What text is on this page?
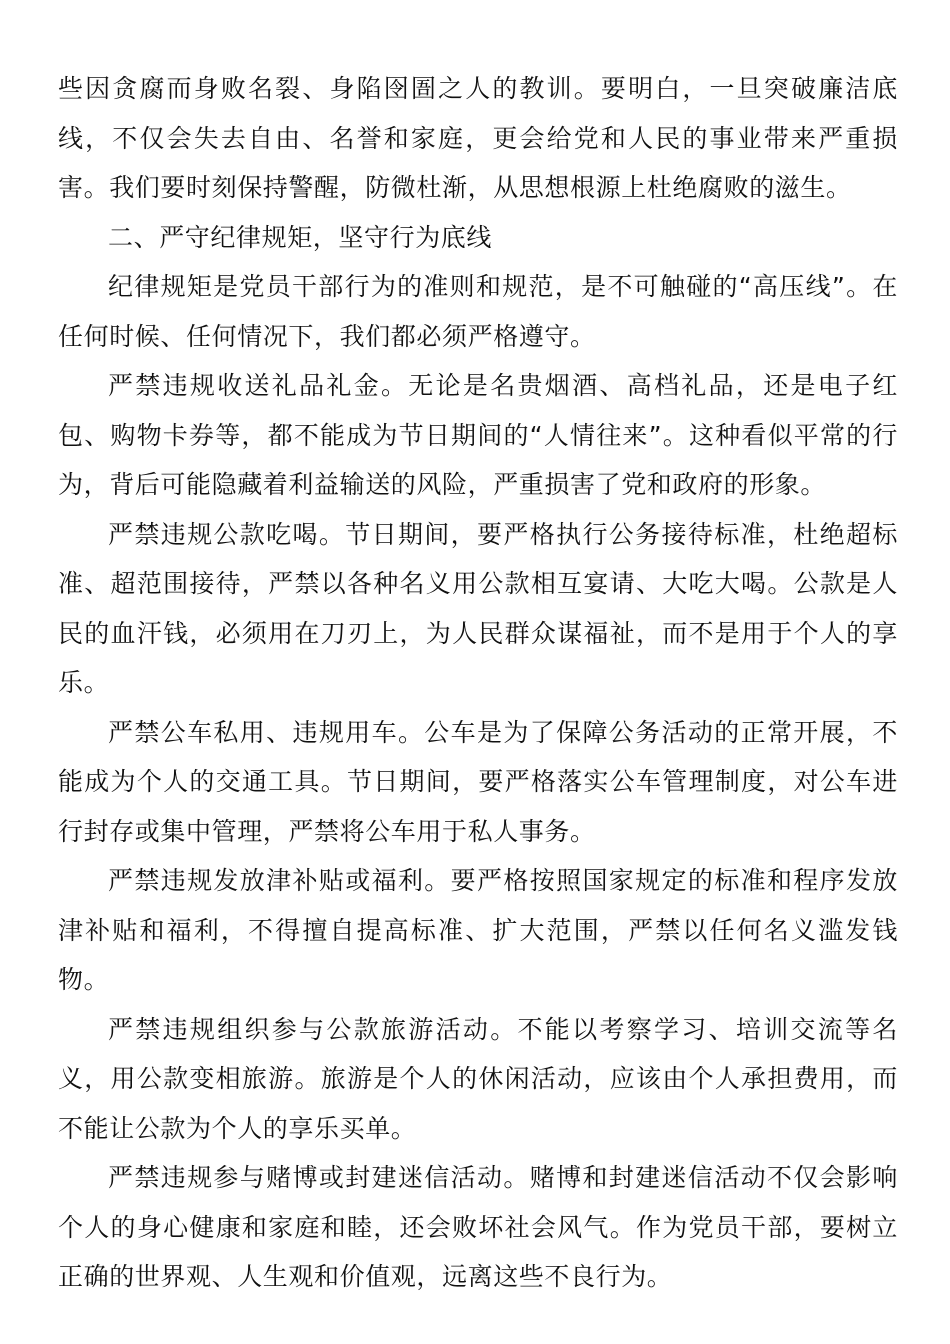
些因贪腐而身败名裂、身陷囹圄之人的教训。要明白，一旦突破廉洁底线，不仅会失去自由、名誉和家庭，更会给党和人民的事业带来严重损害。我们要时刻保持警醒，防微杜渐，从思想根源上杜绝腐败的滋生。

二、严守纪律规矩，坚守行为底线

纪律规矩是党员干部行为的准则和规范，是不可触碰的“高压线”。在任何时候、任何情况下，我们都必须严格遵守。

严禁违规收送礼品礼金。无论是名贵烟酒、高档礼品，还是电子红包、购物卡券等，都不能成为节日期间的“人情往来”。这种看似平常的行为，背后可能隐藏着利益输送的风险，严重损害了党和政府的形象。

严禁违规公款吃喝。节日期间，要严格执行公务接待标准，杜绝超标准、超范围接待，严禁以各种名义用公款相互宴请、大吃大喝。公款是人民的血汗钱，必须用在刀刃上，为人民群众谋福祉，而不是用于个人的享乐。

严禁公车私用、违规用车。公车是为了保障公务活动的正常开展，不能成为个人的交通工具。节日期间，要严格落实公车管理制度，对公车进行封存或集中管理，严禁将公车用于私人事务。

严禁违规发放津补贴或福利。要严格按照国家规定的标准和程序发放津补贴和福利，不得擅自提高标准、扩大范围，严禁以任何名义滥发钱物。

严禁违规组织参与公款旅游活动。不能以考察学习、培训交流等名义，用公款变相旅游。旅游是个人的休闲活动，应该由个人承担费用，而不能让公款为个人的享乐买单。

严禁违规参与赌博或封建迷信活动。赌博和封建迷信活动不仅会影响个人的身心健康和家庭和睦，还会败坏社会风气。作为党员干部，要树立正确的世界观、人生观和价值观，远离这些不良行为。
